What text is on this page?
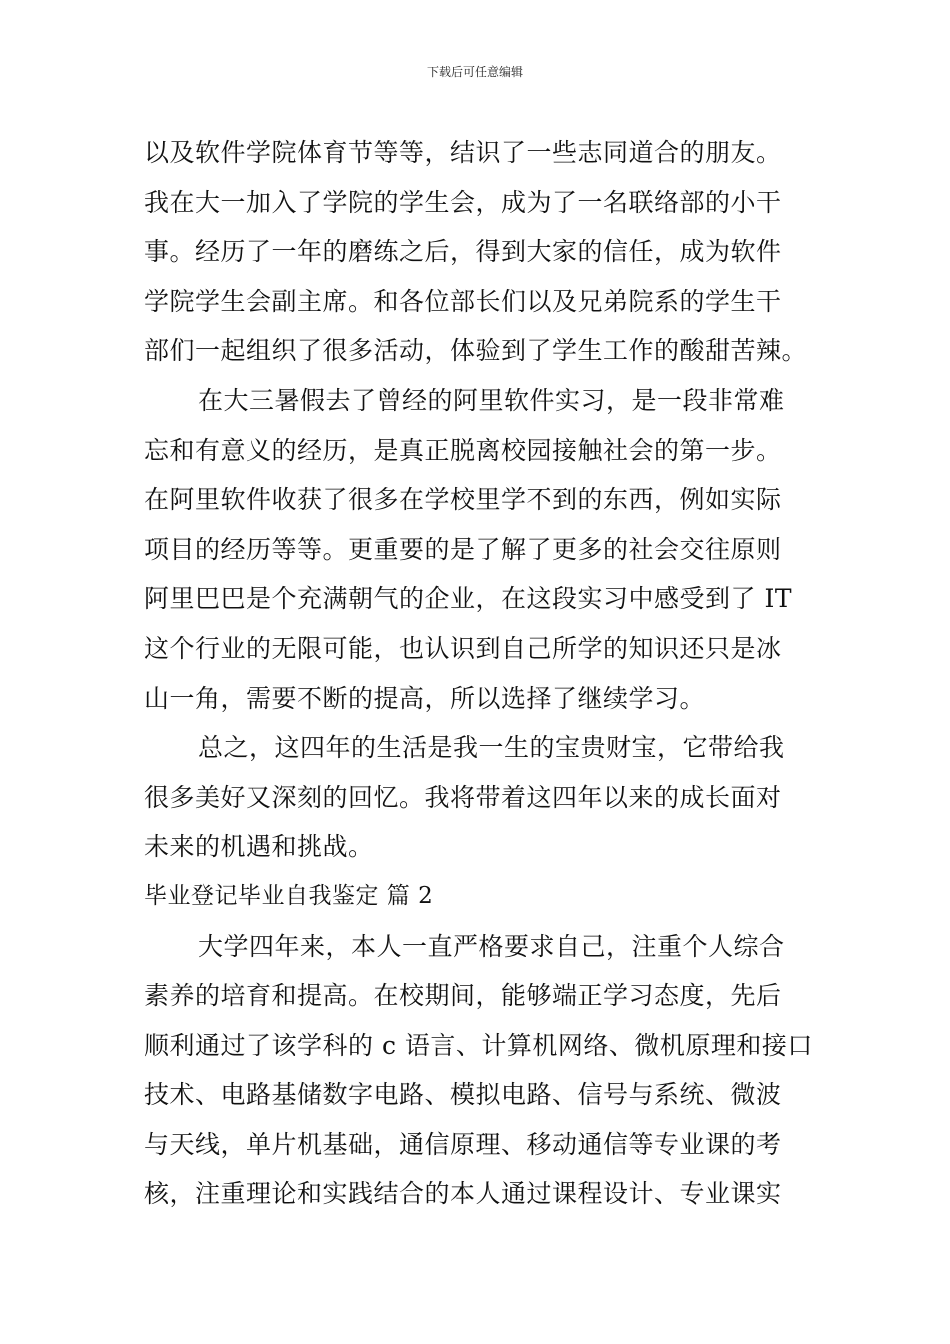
下载后可任意编辑
以及软件学院体育节等等，结识了一些志同道合的朋友。
我在大一加入了学院的学生会，成为了一名联络部的小干
事。经历了一年的磨练之后，得到大家的信任，成为软件
学院学生会副主席。和各位部长们以及兄弟院系的学生干
部们一起组织了很多活动，体验到了学生工作的酸甜苦辣。
在大三暑假去了曾经的阿里软件实习，是一段非常难
忘和有意义的经历，是真正脱离校园接触社会的第一步。
在阿里软件收获了很多在学校里学不到的东西，例如实际
项目的经历等等。更重要的是了解了更多的社会交往原则
阿里巴巴是个充满朝气的企业，在这段实习中感受到了 IT
这个行业的无限可能，也认识到自己所学的知识还只是冰
山一角，需要不断的提高，所以选择了继续学习。
总之，这四年的生活是我一生的宝贵财宝，它带给我
很多美好又深刻的回忆。我将带着这四年以来的成长面对
未来的机遇和挑战。
毕业登记毕业自我鉴定 篇 2
大学四年来，本人一直严格要求自己，注重个人综合
素养的培育和提高。在校期间，能够端正学习态度，先后
顺利通过了该学科的 c 语言、计算机网络、微机原理和接口
技术、电路基储数字电路、模拟电路、信号与系统、微波
与天线，单片机基础，通信原理、移动通信等专业课的考
核，注重理论和实践结合的本人通过课程设计、专业课实
